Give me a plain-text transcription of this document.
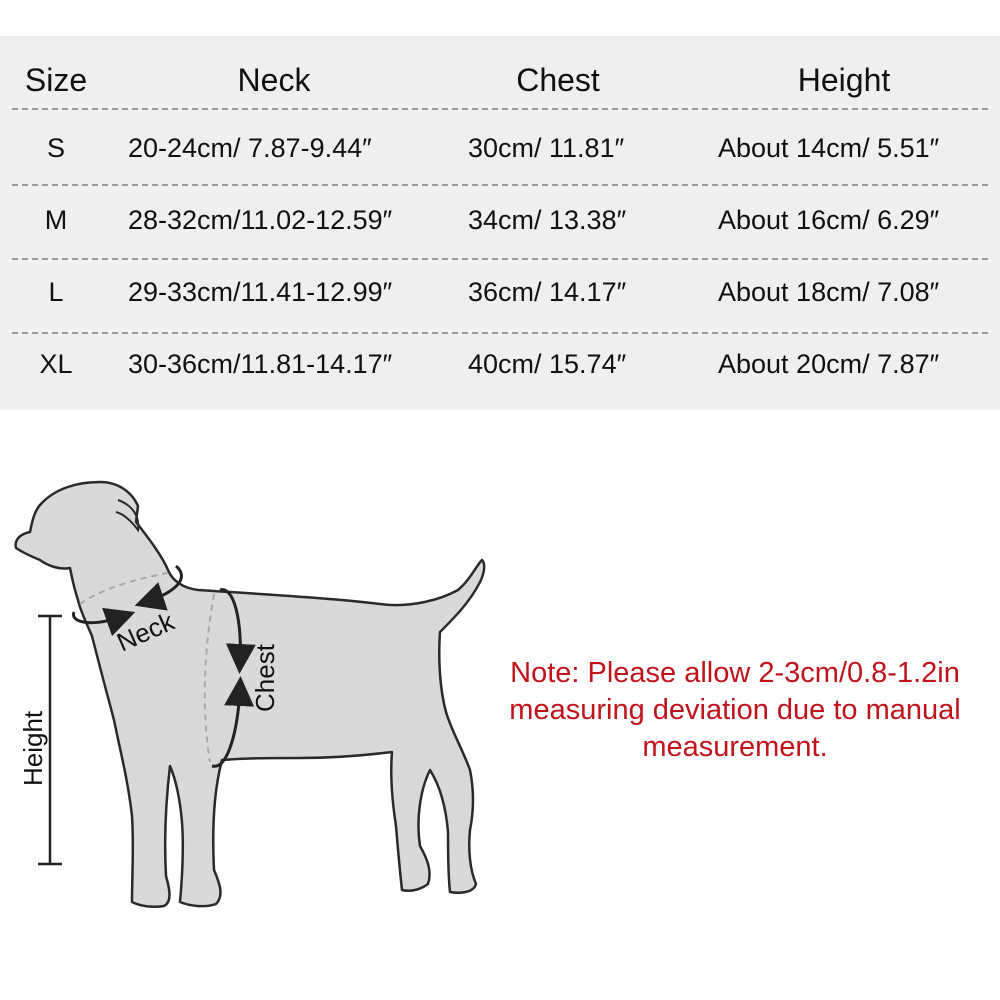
Size	Neck	Chest	Height
S	20-24cm/ 7.87-9.44″	30cm/ 11.81″	About 14cm/ 5.51″
M	28-32cm/11.02-12.59″	34cm/ 13.38″	About 16cm/ 6.29″
L	29-33cm/11.41-12.99″	36cm/ 14.17″	About 18cm/ 7.08″
XL	30-36cm/11.81-14.17″	40cm/ 15.74″	About 20cm/ 7.87″
Neck
Chest
Height
Note: Please allow 2-3cm/0.8-1.2in
measuring deviation due to manual
measurement.
